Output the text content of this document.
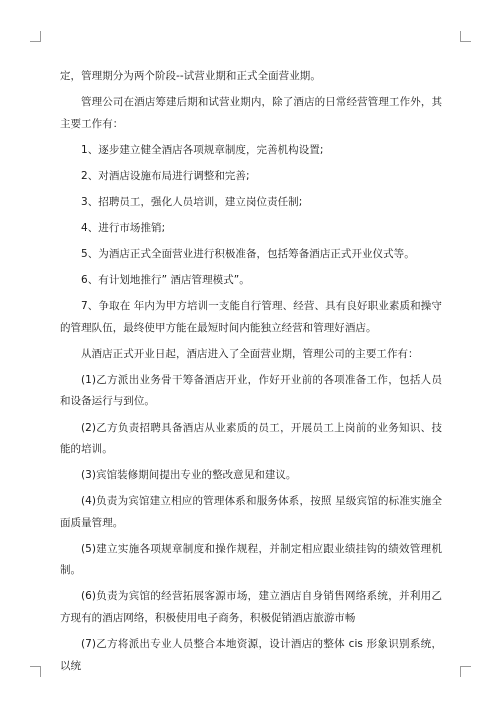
定，管理期分为两个阶段--试营业期和正式全面营业期。

管理公司在酒店筹建后期和试营业期内，除了酒店的日常经营管理工作外，其主要工作有：

1、逐步建立健全酒店各项规章制度，完善机构设置;

2、对酒店设施布局进行调整和完善;

3、招聘员工，强化人员培训，建立岗位责任制;

4、进行市场推销;

5、为酒店正式全面营业进行积极准备，包括筹备酒店正式开业仪式等。

6、有计划地推行” 酒店管理模式”。

7、争取在 年内为甲方培训一支能自行管理、经营、具有良好职业素质和操守的管理队伍，最终使甲方能在最短时间内能独立经营和管理好酒店。

从酒店正式开业日起，酒店进入了全面营业期，管理公司的主要工作有：

(1)乙方派出业务骨干筹备酒店开业，作好开业前的各项准备工作，包括人员和设备运行与到位。

(2)乙方负责招聘具备酒店从业素质的员工，开展员工上岗前的业务知识、技能的培训。

(3)宾馆装修期间提出专业的整改意见和建议。

(4)负责为宾馆建立相应的管理体系和服务体系，按照 星级宾馆的标准实施全面质量管理。

(5)建立实施各项规章制度和操作规程，并制定相应跟业绩挂钩的绩效管理机制。

(6)负责为宾馆的经营拓展客源市场，建立酒店自身销售网络系统，并利用乙方现有的酒店网络，积极使用电子商务，积极促销酒店旅游市畅

(7)乙方将派出专业人员整合本地资源，设计酒店的整体 cis 形象识别系统，以统
